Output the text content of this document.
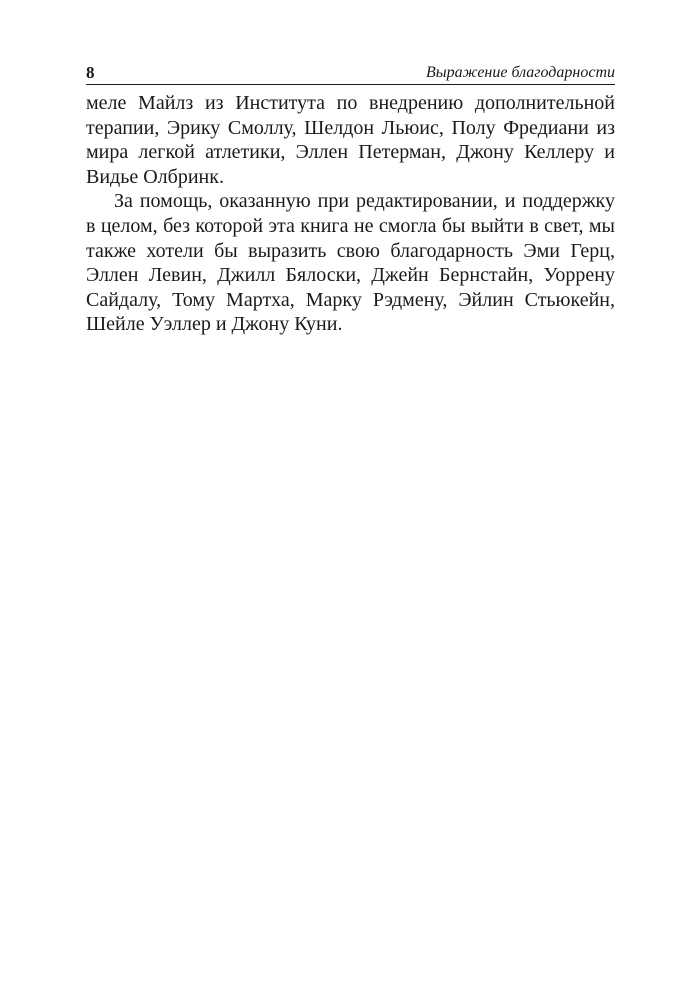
8	Выражение благодарности

меле Майлз из Института по внедрению дополнительной терапии, Эрику Смоллу, Шелдон Льюис, Полу Фредиани из мира легкой атлетики, Эллен Петерман, Джону Келлеру и Видье Олбринк.

За помощь, оказанную при редактировании, и поддержку в целом, без которой эта книга не смогла бы выйти в свет, мы также хотели бы выразить свою благодарность Эми Герц, Эллен Левин, Джилл Бялоски, Джейн Бернстайн, Уоррену Сайдалу, Тому Мартха, Марку Рэдмену, Эйлин Стьюкейн, Шейле Уэллер и Джону Куни.
